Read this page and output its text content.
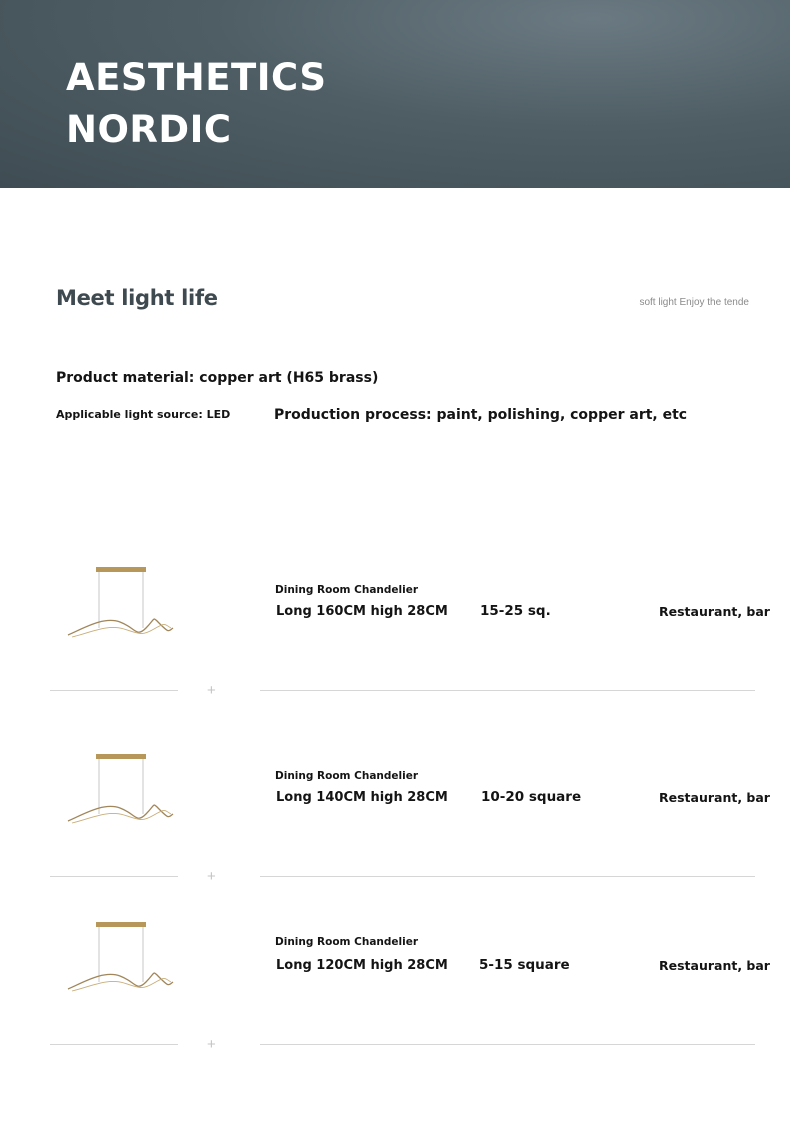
AESTHETICS
NORDIC
Meet light life	soft light Enjoy the tende
Product material: copper art (H65 brass)
Applicable light source: LED	Production process: paint, polishing, copper art, etc
Dining Room Chandelier
Long 160CM high 28CM 15-25 sq.	Restaurant, bar
+
Dining Room Chandelier
Long 140CM high 28CM 10-20 square	Restaurant, bar
+
Dining Room Chandelier
Long 120CM high 28CM 5-15 square	Restaurant, bar
+
